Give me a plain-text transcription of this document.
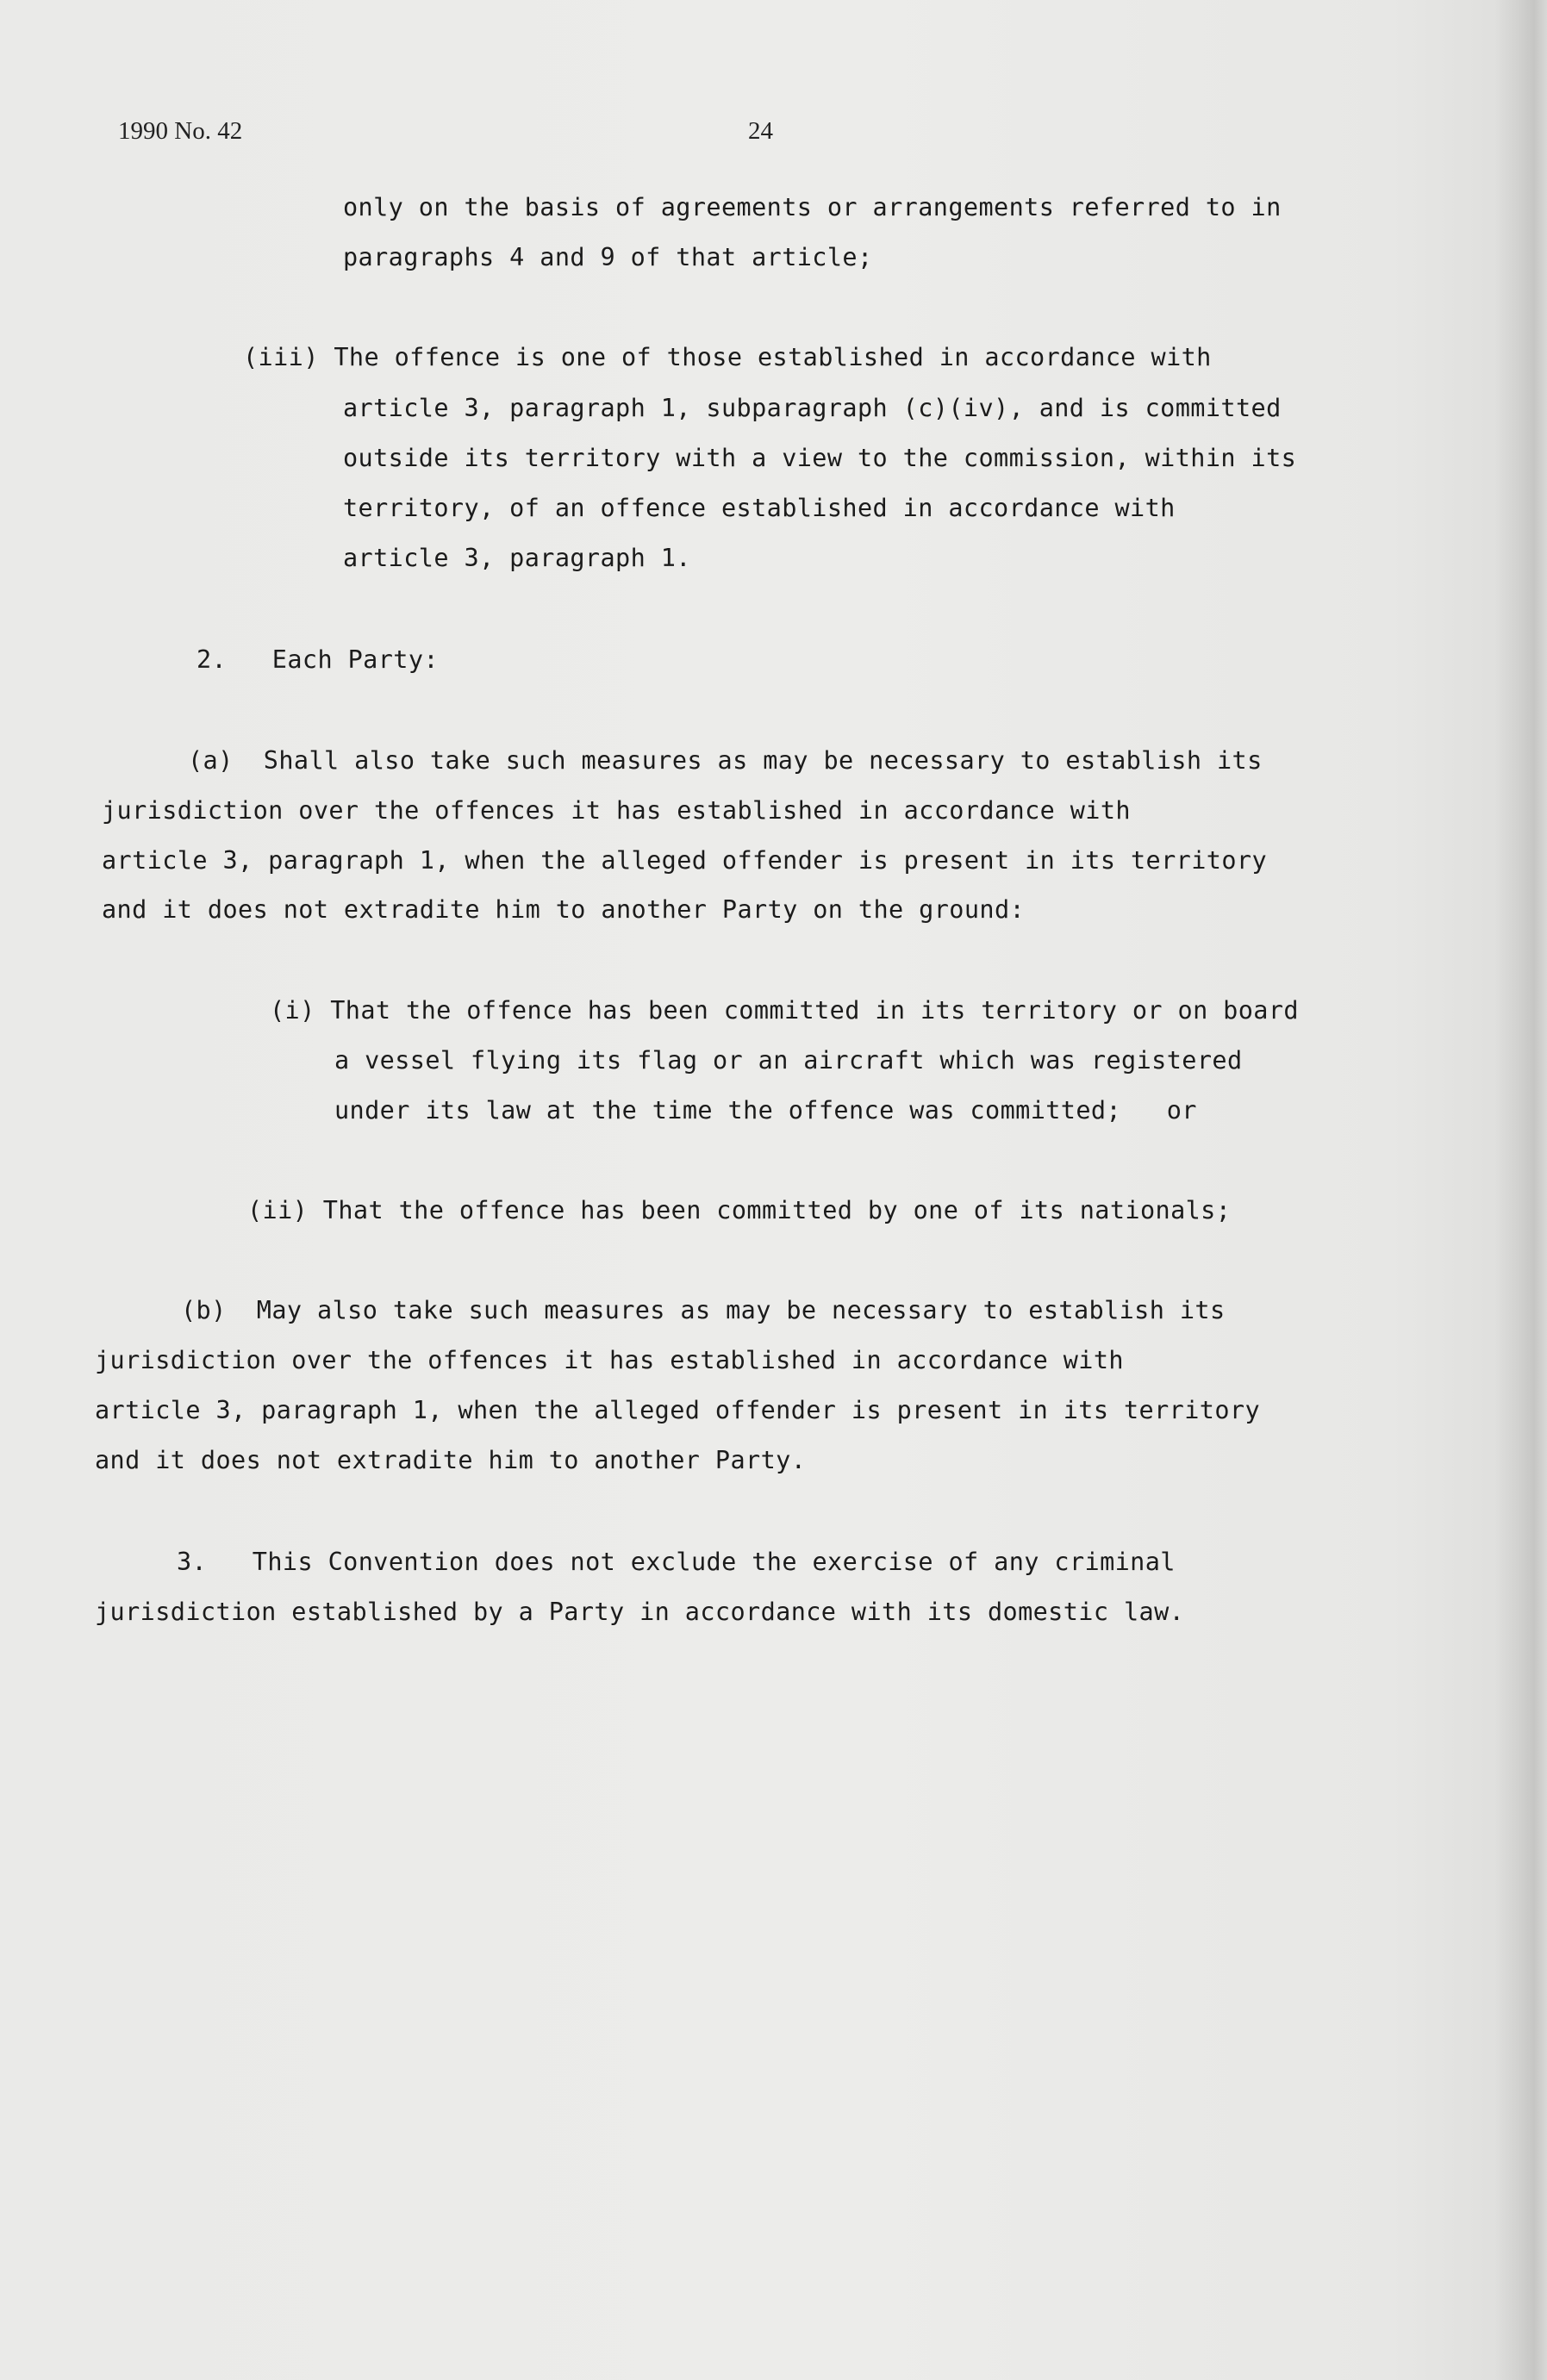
1990 No. 42	24
only on the basis of agreements or arrangements referred to in
paragraphs 4 and 9 of that article;
(iii) The offence is one of those established in accordance with
article 3, paragraph 1, subparagraph (c)(iv), and is committed
outside its territory with a view to the commission, within its
territory, of an offence established in accordance with
article 3, paragraph 1.
2.   Each Party:
(a)  Shall also take such measures as may be necessary to establish its
jurisdiction over the offences it has established in accordance with
article 3, paragraph 1, when the alleged offender is present in its territory
and it does not extradite him to another Party on the ground:
(i) That the offence has been committed in its territory or on board
a vessel flying its flag or an aircraft which was registered
under its law at the time the offence was committed;   or
(ii) That the offence has been committed by one of its nationals;
(b)  May also take such measures as may be necessary to establish its
jurisdiction over the offences it has established in accordance with
article 3, paragraph 1, when the alleged offender is present in its territory
and it does not extradite him to another Party.
3.   This Convention does not exclude the exercise of any criminal
jurisdiction established by a Party in accordance with its domestic law.
